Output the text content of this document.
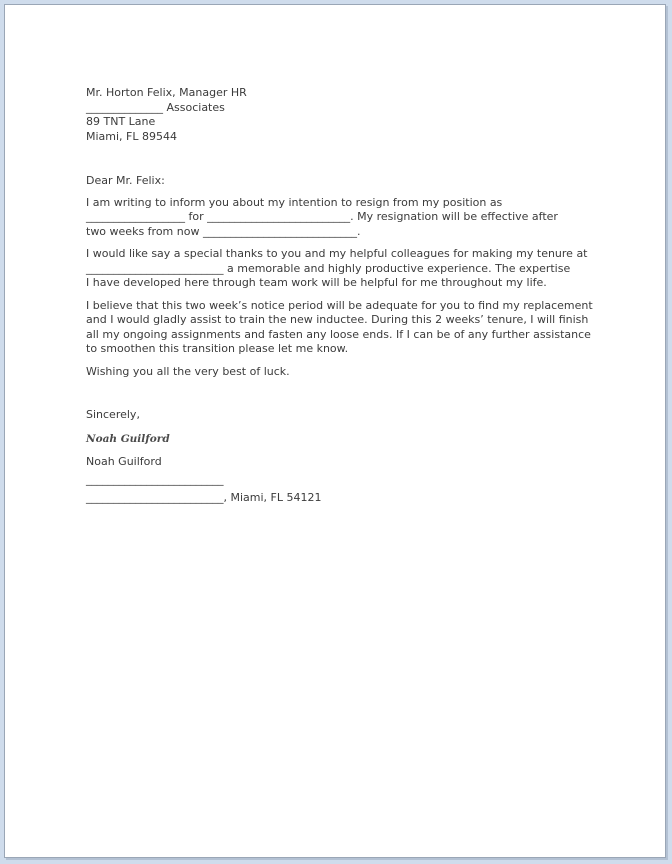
Mr. Horton Felix, Manager HR
______________ Associates
89 TNT Lane
Miami, FL 89544

Dear Mr. Felix:

I am writing to inform you about my intention to resign from my position as
__________________ for __________________________. My resignation will be effective after
two weeks from now ____________________________.

I would like say a special thanks to you and my helpful colleagues for making my tenure at
_________________________ a memorable and highly productive experience. The expertise
I have developed here through team work will be helpful for me throughout my life.

I believe that this two week’s notice period will be adequate for you to find my replacement
and I would gladly assist to train the new inductee. During this 2 weeks’ tenure, I will finish
all my ongoing assignments and fasten any loose ends. If I can be of any further assistance
to smoothen this transition please let me know.

Wishing you all the very best of luck.

Sincerely,
Noah Guilford
Noah Guilford
_________________________
_________________________, Miami, FL 54121
